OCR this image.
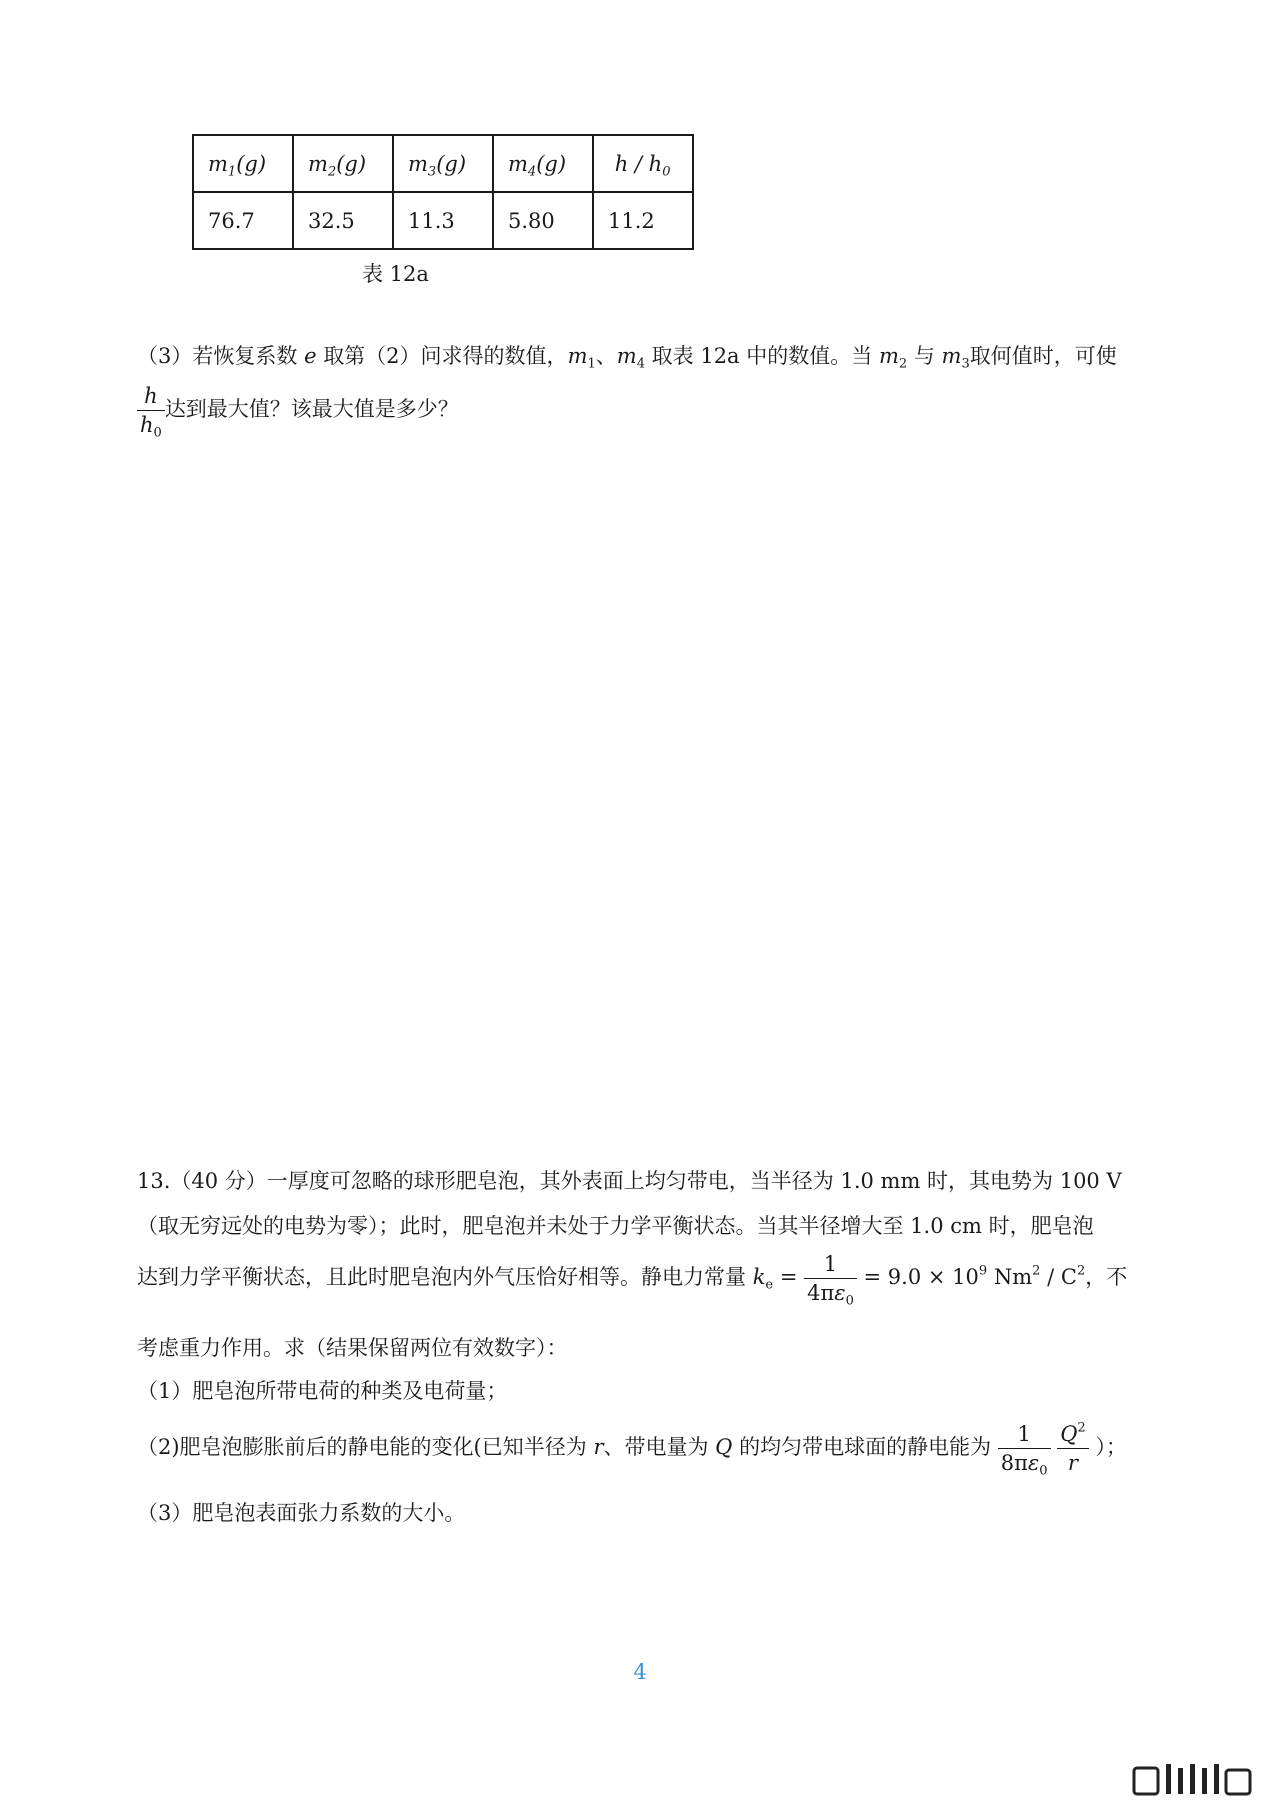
$m_1(g)$	$m_2(g)$	$m_3(g)$	$m_4(g)$	h / $h_0$
76.7	32.5	11.3	5.80	11.2
表 12a
（3）若恢复系数 e 取第（2）问求得的数值，$m_1$、$m_4$ 取表 12a 中的数值。当 $m_2$ 与 $m_3$取何值时，可使
$\frac{h}{h_0}$ 达到最大值？该最大值是多少？
13.（40 分）一厚度可忽略的球形肥皂泡，其外表面上均匀带电，当半径为 1.0 mm 时，其电势为 100 V
（取无穷远处的电势为零）；此时，肥皂泡并未处于力学平衡状态。当其半径增大至 1.0 cm 时，肥皂泡
达到力学平衡状态，且此时肥皂泡内外气压恰好相等。静电力常量 $k_e = \frac{1}{4\pi\varepsilon_0} = 9.0 \times 10^9$ $Nm^2 / C^2$，不
考虑重力作用。求（结果保留两位有效数字）：
（1）肥皂泡所带电荷的种类及电荷量；
（2)肥皂泡膨胀前后的静电能的变化(已知半径为 r、带电量为 Q 的均匀带电球面的静电能为 $\frac{1}{8\pi\varepsilon_0}$
$\frac{Q^2}{r}$ ）；
（3）肥皂泡表面张力系数的大小。
4
